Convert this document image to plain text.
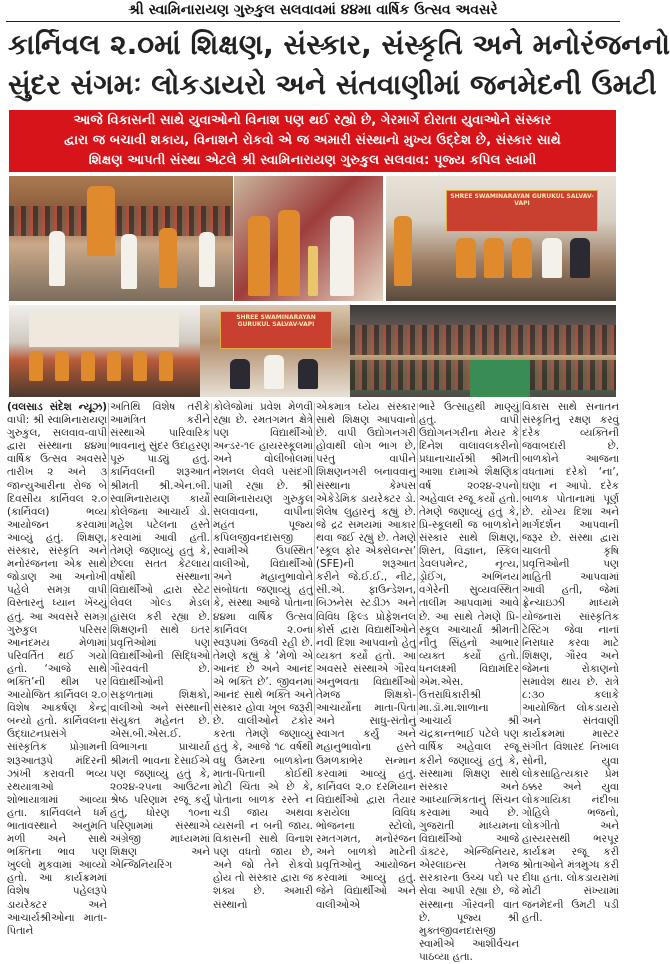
શ્રી સ્વામિનારાયણ ગુરુકુલ સલવાવમાં ૪૪મા વાર્ષિક ઉત્સવ અવસરે
કાર્નિવલ ૨.૦માં શિક્ષણ, સંસ્કાર, સંસ્કૃતિ અને મનોરંજનનો
સુંદર સંગમઃ લોકડાયરો અને સંતવાણીમાં જનમેદની ઉમટી
આજે વિકાસની સાથે યુવાઓનો વિનાશ પણ થઈ રહ્યો છે, ગેરમાર્ગે દોરાતા યુવાઓને સંસ્કાર
દ્વારા જ બચાવી શકાય, વિનાશને રોકવો એ જ અમારી સંસ્થાનો મુખ્ય ઉદ્દેશ છે, સંસ્કાર સાથે
શિક્ષણ આપતી સંસ્થા એટલે શ્રી સ્વામિનારાયણ ગુરુકુલ સલવાવ: પૂજ્ય કપિલ સ્વામી
SHREE SWAMINARAYAN GURUKUL SALVAV-VAPI
SHREE SWAMINARAYAN GURUKUL SALVAV-VAPI

(વલસાડ સંદેશ ન્યૂઝ) વાપી: શ્રી સ્વામિનારાયણ ગુરુકુલ, સલવાવ-વાપી દ્વારા સંસ્થાના ૪૪મા વાર્ષિક ઉત્સવ અવસરે તારીખ ૨ અને ૩ જાન્યુઆરીના રોજ બે દિવસીય કાર્નિવલ ૨.૦ (કાર્નિવલ) ભવ્ય આયોજન કરવામાં આવ્યું હતું. શિક્ષણ, સંસ્કાર, સંસ્કૃતિ અને મનોરંજનના એક સાથે જોડાણ આ અનોખી પહેલે સમગ્ર વાપી વિસ્તારનું ધ્યાન ખેંચ્યું હતું. આ અવસરે સમગ્ર ગુરુકુલ પરિસર આનંદમય મેળામાં પરિવર્તિત થઈ ગયો હતો. ‘આજે સાથે ભક્તિ’ની થીમ પર આયોજિત કાર્નિવલ ૨.૦ વિશેષ આકર્ષણ કેન્દ્ર બન્યો હતો. કાર્નિવલના ઉદ્ઘાટનપ્રસંગે સાંસ્કૃતિક પ્રોગ્રામની શરૂઆતરૂપે મંદિરની ઝાંખી કરાવતી ભવ્ય રથયાત્રાઓ શોભાયાત્રામાં આવ્યા હતા. કાર્નિવલને ધર્મ ભાતાવસ્થાને અનુમતિ મળી અને સાથે ભક્તિના ભાવ પણ ખુલ્લો મુકવામાં આવ્યો હતો. આ કાર્યક્રમમાં વિશેષ પહેલરૂપે ડાયરેક્ટર અને આચાર્યશ્રીઓના માતા-પિતાને

અતિથિ વિશેષ તરીકે આમંત્રિત કરીને સંસ્થાએ પારિવારિક ભાવનાનું સુંદર ઉદાહરણ પૂરું પાડ્યું હતું. કાર્નિવલની શરૂઆત શ્રીમતી શ્રી.એન.બી. સ્વામિનારાયણ કાર્યો કોલેજના આચાર્ય ડો. મહેશ પટેલના હસ્તે કરવામાં આવી હતી. તેમણે જણાવ્યું હતું કે, છેલ્લા સતત કેટલાય વર્ષોથી સંસ્થાના વિદ્યાર્થીઓ દ્વારા સ્ટેટ લેવલ ગોલ્ડ મેડલ હાંસલ કરી રહ્યા છે. શિક્ષણની સાથે ઇતર પ્રવૃત્તિઓમાં પણ વિદ્યાર્થીઓની સિદ્ધિઓ ગૌરવવંતી છે. વિદ્યાર્થીઓની સફળતામાં શિક્ષકો, વાલીઓ અને સંસ્થાની સંયુક્ત મહેનત છે. એસ.બી.એસ.ઈ. વિભાગના પ્રાચાર્યા શ્રીમતી ભાવના દેસાઈએ પણ જણાવ્યું હતું કે, ૨૦૨૪-૨૫ના આઉટના શ્રેષ્ઠ પરિણામ રજૂ કર્યું હતું, ધોરણ ૧૦ના પરિણામમાં સંસ્થાએ અંગ્રેજી માધ્યમમાં શિક્ષણ અને એન્જિનિયરિંગ

કોલેજોમાં પ્રવેશ મેળવી રહ્યા છે. રમતગમત ક્ષેત્રે પણ વિદ્યાર્થીઓ અન્ડર-૧૯ હાયરસ્કૂલમાં અને વોલીબોલમાં નેશનલ લેવલે પસંદગી પામી રહ્યા છે. શ્રી સ્વામિનારાયણ ગુરુકુલ સલવાવના, વાપીના મહંત પૂજ્ય કપિલજીવનદાસજી સ્વામીએ ઉપસ્થિત વાલીઓ, વિદ્યાર્થીઓ અને મહાનુભાવોને સંબોધતા જણાવ્યું હતું કે, સંસ્થા આજે પોતાના ૪૪મા વાર્ષિક ઉત્સવ કાર્નિવલ ૨.૦ના સ્વરૂપમાં ઉજવી રહી છે. તેમણે કહ્યું કે ‘મેળો એ આનંદ છે અને આનંદ એ ભક્તિ છે’. જીવનમાં આનંદ સાથે ભક્તિ અને સંસ્કાર હોવા ખૂબ જરૂરી છે. વાલીઓને ટકોર કરતા તેમણે જણાવ્યું હતું કે, આજે ૧૮ વર્ષથી વધુ ઉંમરના બાળકોના માતા-પિતાની કોઈથી મોટી ચિંતા એ છે કે, પોતાના બાળક રસ્તે ન ચડી જાય અથવા વ્યસની ન બની જાય. વિકાસની સાથે વિનાશ પણ વધતો જાય છે, અને જો તેને રોકવો હોય તો સંસ્કાર દ્વારા જ શક્ય છે. અમારી સંસ્થાનો

એકમાત્ર ધ્યેય સંસ્કાર સાથે શિક્ષણ આપવાનો છે. વાપી ઉદ્યોગનગરી હોવાથી લોગ ભાગ છે, પરંતુ વાપીને શિક્ષણનગરી બનાવવાનું સંસ્થાના કેમ્પસ એકેડેમિક ડાયરેક્ટર ડો. શૈલેષ લુહારનું કહ્યું છે. જે દ્રઢ સમયમાં આકાર થવા જઈ રહ્યું છે. તેમણે ‘સ્કૂલ ફોર એક્સેલન્સ’ (SFE)ની શરૂઆત કરીને જે.ઈ.ઈ., નીટ, સી.એ. ફાઉન્ડેશન, બિઝનેસ સ્ટડીઝ અને વિવિધ ફિલ્ડ પ્રોફેશનલ કોર્સ દ્વારા વિદ્યાર્થીઓને નવી દિશા આપવાનો હેતુ વ્યક્ત કર્યો હતો. આ અવસરે સંસ્થાએ ગૌરવ અનુભવતા વિદ્યાર્થીઓ તેમજ શિક્ષકો-આચાર્યોના માતા-પિતા અને સાધુ-સંતોનું સ્વાગત કર્યું અને મહાનુભાવોના હસ્તે ઉમળકાભેર સન્માન કરવામાં આવ્યું હતું. કાર્નિવલ ૨.૦ દરમિયાન વિદ્યાર્થીઓ દ્વારા તૈયાર કરાયેલા વિવિધ ભોજનના સ્ટોલો, રમતગમત, મનોરંજન અને બાળકો માટેની પ્રવૃત્તિઓનું આયોજન કરવામાં આવ્યું હતું. જેને વિદ્યાર્થીઓ અને વાલીઓએ

ભારે ઉત્સાહથી માણ્યું હતું. વાપી ઉદ્યોગનગરીના મેયર કે દિનેશ વાલાવલકરીનો પ્રધાનાચાર્યશ્રી શ્રીમતી આશા દામાએ શૈક્ષણિક વર્ષ ૨૦૨૪-૨૫નો અહેવાલ રજૂ કર્યો હતો. તેમણે જણાવ્યું હતું કે, પ્રિ-સ્કૂલથી જ બાળકોને સંસ્કાર સાથે શિક્ષણ, શિસ્ત, વિજ્ઞાન, સ્કિલ ડેવલપમેન્ટ, નૃત્ય, ડ્રોઈંગ, અભિનય વગેરેની સુવ્યવસ્થિત તાલીમ આપવામાં આવે છે. આ સાથે તેમણે પ્રિ-સ્કૂલ આચાર્યા શ્રીમતી નીતુ સિંહનો આભાર વ્યક્ત કર્યો હતો. ધનલક્ષ્મી વિદ્યામંદિર એમ.એસ. ઉત્તરાધિકારીશ્રી મા.ડૉ.મા.શાળાના આચાર્ય શ્રી ચંદ્રકાન્તભાઈ પટેલે પણ વાર્ષિક અહેવાલ રજૂ કરીને જણાવ્યું હતું કે, સંસ્થામાં શિક્ષણ સાથે સંસ્કાર અને આધ્યાત્મિકતાનું સિંચન કરવામાં આવે છે. ગુજરાતી માધ્યમના વિદ્યાર્થીઓ આજે ડૉક્ટર, એન્જિનિયર, એરલાઇન્સ તેમજ સરકારના ઉચ્ચ પદો પર સેવા આપી રહ્યા છે, જે સંસ્થાના ગૌરવની વાત છે. પૂજ્ય શ્રી મુક્તજીવનદાસજી સ્વામીએ આશીર્વચન પાઠવ્યા હતા.

વિકાસ સાથે સનાતન સંસ્કૃતિનું રક્ષણ કરવું દરેક વ્યક્તિની જવાબદારી છે. બાળકોને આજના વધતામાં દરેકો ‘ના’, ઘણા ન આપો. દરેક બાળક પોતાનામાં પૂર્ણ છે. યોગ્ય દિશા અને માર્ગદર્શન આપવાની જરૂર છે. સંસ્થા દ્વારા ચાલતી કૃષિ પ્રવૃત્તિઓની પણ માહિતી આપવામાં આવી હતી, જેમાં ફ્રેન્ચાઇઝી માધ્યમે યોજનારાં સાંસ્કૃતિક ટેસ્ટિંગ જેવા નાનાં નિરાધાર કરવા માટે શિક્ષણ, ગૌરવ અને જેમનાં રોકાણનો સમાવેશ થાય છે. રાત્રે ૮:૩૦ કલાકે આયોજિત લોકડાયરો અને સંતવાણી કાર્યક્રમમાં માસ્ટર સંગીત વિશારદ નિખાલ સોની, યુવા લોકસાહિત્યકાર પ્રેમ ઠક્કર અને યુવા લોકગાયિકા નંદીબા ગોહિલે ભજનો, લોકગીતો અને હાસ્યરસથી ભરપૂર કાર્યક્રમ રજૂ કરી શ્રોતાઓને મંત્રમુગ્ધ કરી દીધા હતા. લોકડાયરામાં મોટી સંખ્યામાં જનમેદની ઉમટી પડી હતી.
